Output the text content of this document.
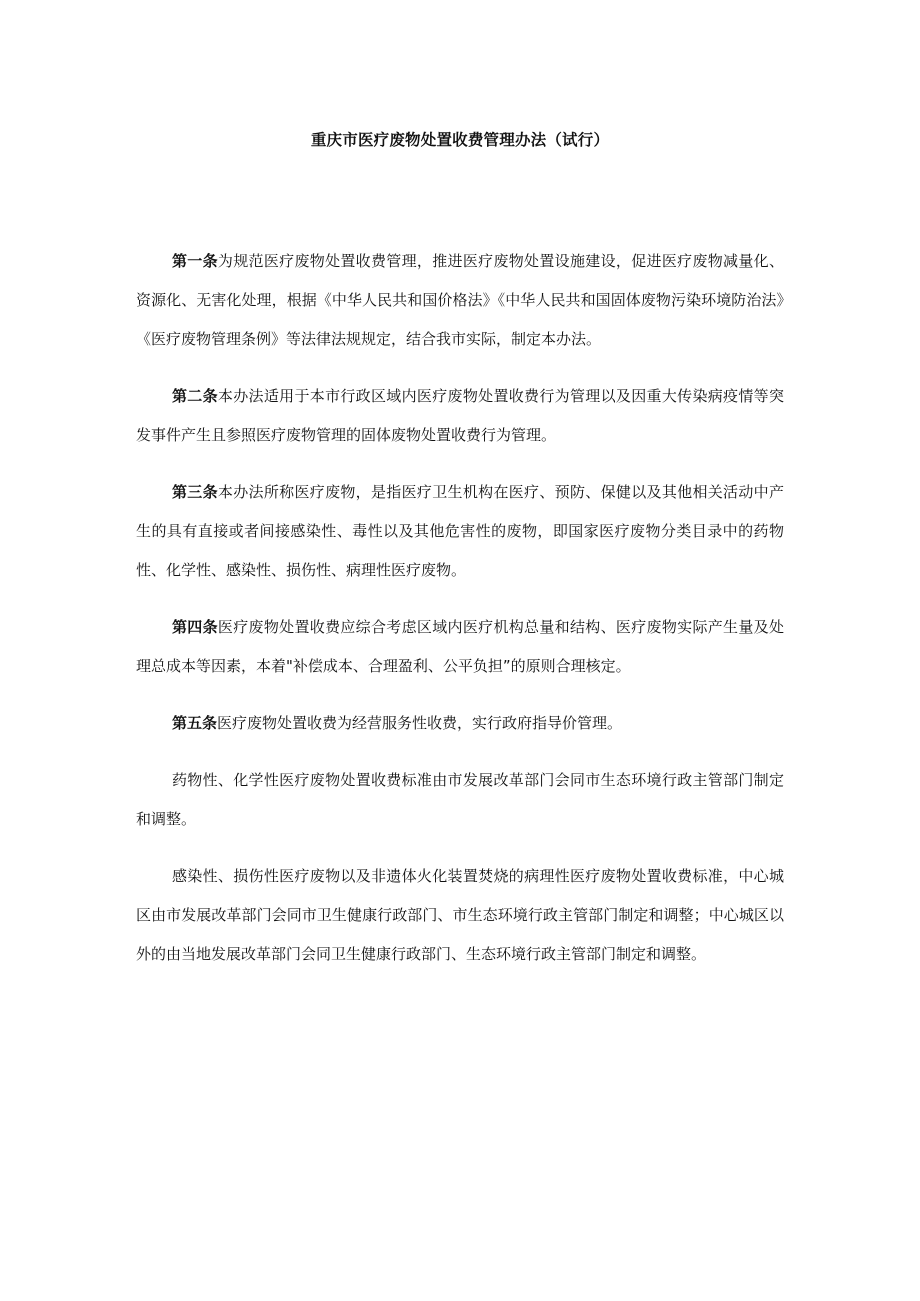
重庆市医疗废物处置收费管理办法（试行）

第一条为规范医疗废物处置收费管理，推进医疗废物处置设施建设，促进医疗废物减量化、资源化、无害化处理，根据《中华人民共和国价格法》《中华人民共和国固体废物污染环境防治法》《医疗废物管理条例》等法律法规规定，结合我市实际，制定本办法。

第二条本办法适用于本市行政区域内医疗废物处置收费行为管理以及因重大传染病疫情等突发事件产生且参照医疗废物管理的固体废物处置收费行为管理。

第三条本办法所称医疗废物，是指医疗卫生机构在医疗、预防、保健以及其他相关活动中产生的具有直接或者间接感染性、毒性以及其他危害性的废物，即国家医疗废物分类目录中的药物性、化学性、感染性、损伤性、病理性医疗废物。

第四条医疗废物处置收费应综合考虑区域内医疗机构总量和结构、医疗废物实际产生量及处理总成本等因素，本着"补偿成本、合理盈利、公平负担”的原则合理核定。

第五条医疗废物处置收费为经营服务性收费，实行政府指导价管理。

药物性、化学性医疗废物处置收费标准由市发展改革部门会同市生态环境行政主管部门制定和调整。

感染性、损伤性医疗废物以及非遗体火化装置焚烧的病理性医疗废物处置收费标准，中心城区由市发展改革部门会同市卫生健康行政部门、市生态环境行政主管部门制定和调整；中心城区以外的由当地发展改革部门会同卫生健康行政部门、生态环境行政主管部门制定和调整。
